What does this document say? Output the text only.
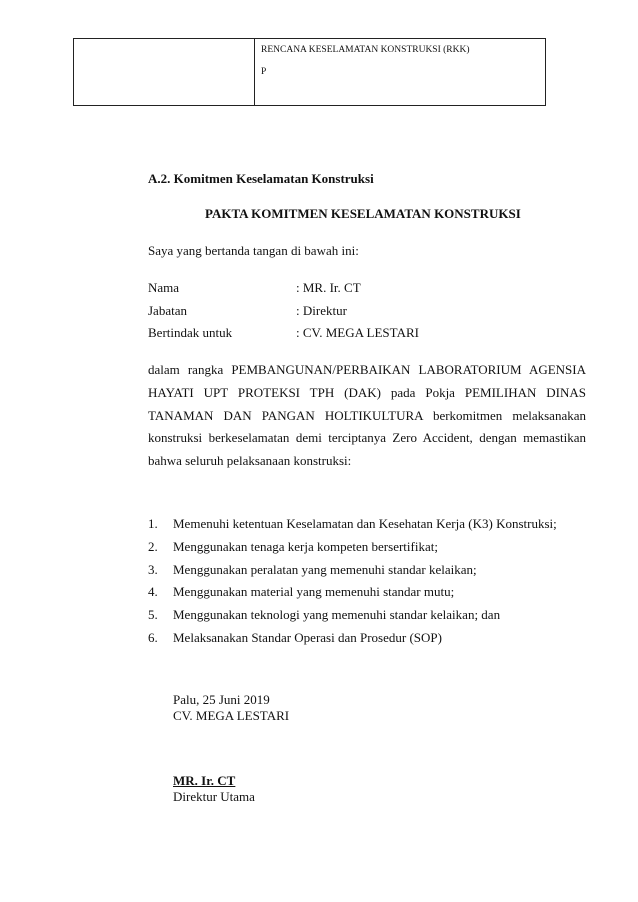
RENCANA KESELAMATAN KONSTRUKSI (RKK)
P
A.2. Komitmen Keselamatan Konstruksi
PAKTA KOMITMEN KESELAMATAN KONSTRUKSI
Saya yang bertanda tangan di bawah ini:
Nama	: MR. Ir. CT
Jabatan	: Direktur
Bertindak untuk	: CV. MEGA LESTARI
dalam rangka PEMBANGUNAN/PERBAIKAN LABORATORIUM AGENSIA HAYATI UPT PROTEKSI TPH (DAK) pada Pokja PEMILIHAN DINAS TANAMAN DAN PANGAN HOLTIKULTURA berkomitmen melaksanakan konstruksi berkeselamatan demi terciptanya Zero Accident, dengan memastikan bahwa seluruh pelaksanaan konstruksi:
1. Memenuhi ketentuan Keselamatan dan Kesehatan Kerja (K3) Konstruksi;
2. Menggunakan tenaga kerja kompeten bersertifikat;
3. Menggunakan peralatan yang memenuhi standar kelaikan;
4. Menggunakan material yang memenuhi standar mutu;
5. Menggunakan teknologi yang memenuhi standar kelaikan; dan
6. Melaksanakan Standar Operasi dan Prosedur (SOP)
Palu, 25 Juni 2019
CV. MEGA LESTARI
MR. Ir. CT
Direktur Utama
